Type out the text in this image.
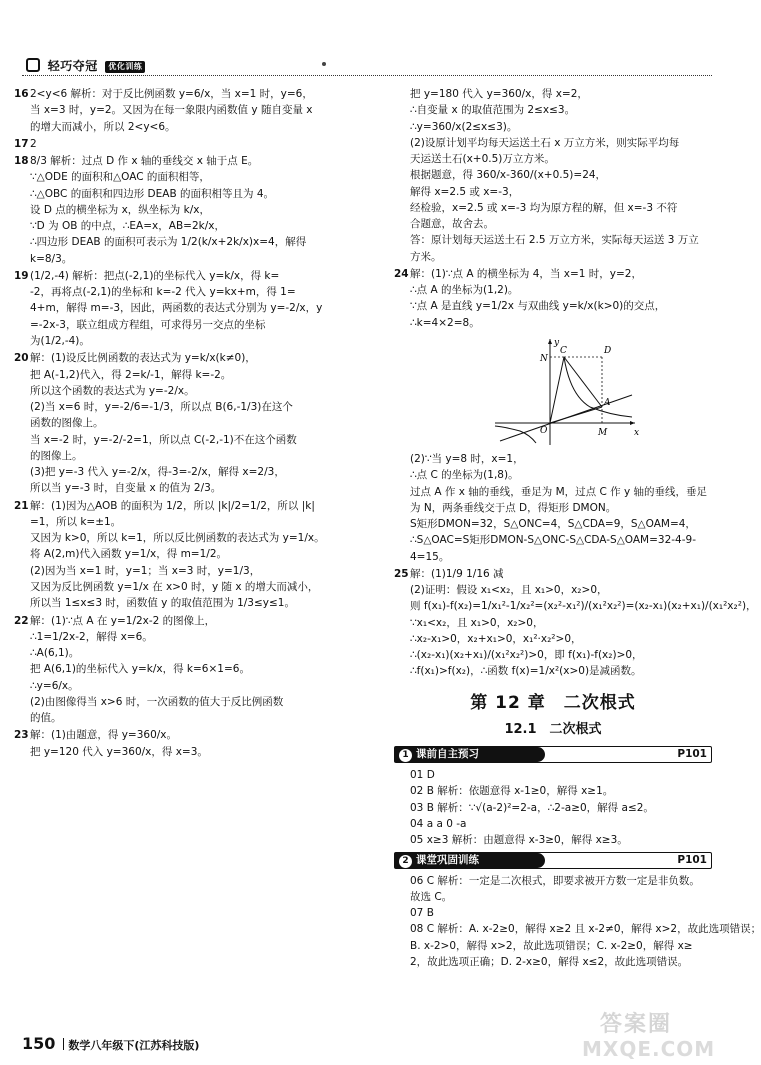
轻巧夺冠 优化训练
16 2<y<6 解析：对于反比例函数 y=6/x，当 x=1 时，y=6，
当 x=3 时，y=2。又因为在每一象限内函数值 y 随自变量 x
的增大而减小，所以 2<y<6。
17 2
18 8/3 解析：过点 D 作 x 轴的垂线交 x 轴于点 E。
∵△ODE 的面积和△OAC 的面积相等，
∴△OBC 的面积和四边形 DEAB 的面积相等且为 4。
设 D 点的横坐标为 x，纵坐标为 k/x，
∵D 为 OB 的中点，∴EA=x，AB=2k/x，
∴四边形 DEAB 的面积可表示为 1/2(k/x+2k/x)x=4，解得
k=8/3。
19 (1/2,-4) 解析：把点(-2,1)的坐标代入 y=k/x，得 k=
-2，再将点(-2,1)的坐标和 k=-2 代入 y=kx+m，得 1=
4+m，解得 m=-3，因此，两函数的表达式分别为 y=-2/x，y
=-2x-3，联立组成方程组，可求得另一交点的坐标
为(1/2,-4)。
20 解：(1)设反比例函数的表达式为 y=k/x(k≠0)，
把 A(-1,2)代入，得 2=k/-1，解得 k=-2。
所以这个函数的表达式为 y=-2/x。
(2)当 x=6 时，y=-2/6=-1/3，所以点 B(6,-1/3)在这个
函数的图像上。
当 x=-2 时，y=-2/-2=1，所以点 C(-2,-1)不在这个函数
的图像上。
(3)把 y=-3 代入 y=-2/x，得-3=-2/x，解得 x=2/3，
所以当 y=-3 时，自变量 x 的值为 2/3。
21 解：(1)因为△AOB 的面积为 1/2，所以 |k|/2=1/2，所以 |k|
=1，所以 k=±1。
又因为 k>0，所以 k=1，所以反比例函数的表达式为 y=1/x。
将 A(2,m)代入函数 y=1/x，得 m=1/2。
(2)因为当 x=1 时，y=1；当 x=3 时，y=1/3，
又因为反比例函数 y=1/x 在 x>0 时，y 随 x 的增大而减小，
所以当 1≤x≤3 时，函数值 y 的取值范围为 1/3≤y≤1。
22 解：(1)∵点 A 在 y=1/2x-2 的图像上，
∴1=1/2x-2，解得 x=6。
∴A(6,1)。
把 A(6,1)的坐标代入 y=k/x，得 k=6×1=6。
∴y=6/x。
(2)由图像得当 x>6 时，一次函数的值大于反比例函数
的值。
23 解：(1)由题意，得 y=360/x。
把 y=120 代入 y=360/x，得 x=3。
把 y=180 代入 y=360/x，得 x=2，
∴自变量 x 的取值范围为 2≤x≤3。
∴y=360/x(2≤x≤3)。
(2)设原计划平均每天运送土石 x 万立方米，则实际平均每
天运送土石(x+0.5)万立方米。
根据题意，得 360/x-360/(x+0.5)=24，
解得 x=2.5 或 x=-3，
经检验，x=2.5 或 x=-3 均为原方程的解，但 x=-3 不符
合题意，故舍去。
答：原计划每天运送土石 2.5 万立方米，实际每天运送 3 万立
方米。
24 解：(1)∵点 A 的横坐标为 4，当 x=1 时，y=2，
∴点 A 的坐标为(1,2)。
∵点 A 是直线 y=1/2x 与双曲线 y=k/x(k>0)的交点，
∴k=4×2=8。
y
x
O
C	D
N
A
M
(2)∵当 y=8 时，x=1，
∴点 C 的坐标为(1,8)。
过点 A 作 x 轴的垂线，垂足为 M，过点 C 作 y 轴的垂线，垂足
为 N，两条垂线交于点 D，得矩形 DMON。
S矩形DMON=32，S△ONC=4，S△CDA=9，S△OAM=4，
∴S△OAC=S矩形DMON-S△ONC-S△CDA-S△OAM=32-4-9-
4=15。
25 解：(1)1/9 1/16 减
(2)证明：假设 x₁<x₂，且 x₁>0，x₂>0，
则 f(x₁)-f(x₂)=1/x₁²-1/x₂²=(x₂²-x₁²)/(x₁²x₂²)=(x₂-x₁)(x₂+x₁)/(x₁²x₂²)，
∵x₁<x₂，且 x₁>0，x₂>0，
∴x₂-x₁>0，x₂+x₁>0，x₁²·x₂²>0，
∴(x₂-x₁)(x₂+x₁)/(x₁²x₂²)>0，即 f(x₁)-f(x₂)>0，
∴f(x₁)>f(x₂)，∴函数 f(x)=1/x²(x>0)是减函数。
第 12 章　二次根式
12.1　二次根式
1 课前自主预习	P101
01 D
02 B 解析：依题意得 x-1≥0，解得 x≥1。
03 B 解析：∵√(a-2)²=2-a，∴2-a≥0，解得 a≤2。
04 a a 0 -a
05 x≥3 解析：由题意得 x-3≥0，解得 x≥3。
2 课堂巩固训练	P101
06 C 解析：一定是二次根式，即要求被开方数一定是非负数。
故选 C。
07 B
08 C 解析：A. x-2≥0，解得 x≥2 且 x-2≠0，解得 x>2，故此选项错误；
B. x-2>0，解得 x>2，故此选项错误；C. x-2≥0，解得 x≥
2，故此选项正确；D. 2-x≥0，解得 x≤2，故此选项错误。
150 数学八年级下(江苏科技版)
答案圈
MXQE.COM
